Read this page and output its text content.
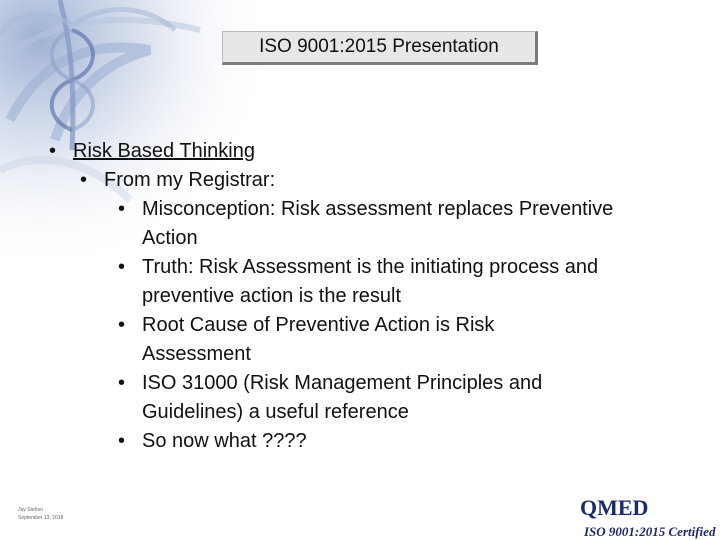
ISO 9001:2015 Presentation
• Risk Based Thinking
• From my Registrar:
• Misconception: Risk assessment replaces Preventive Action
• Truth: Risk Assessment is the initiating process and preventive action is the result
• Root Cause of Preventive Action is Risk Assessment
• ISO 31000 (Risk Management Principles and Guidelines) a useful reference
• So now what ????
Jay Stehen
September 13, 2018	QMED
ISO 9001:2015 Certified
